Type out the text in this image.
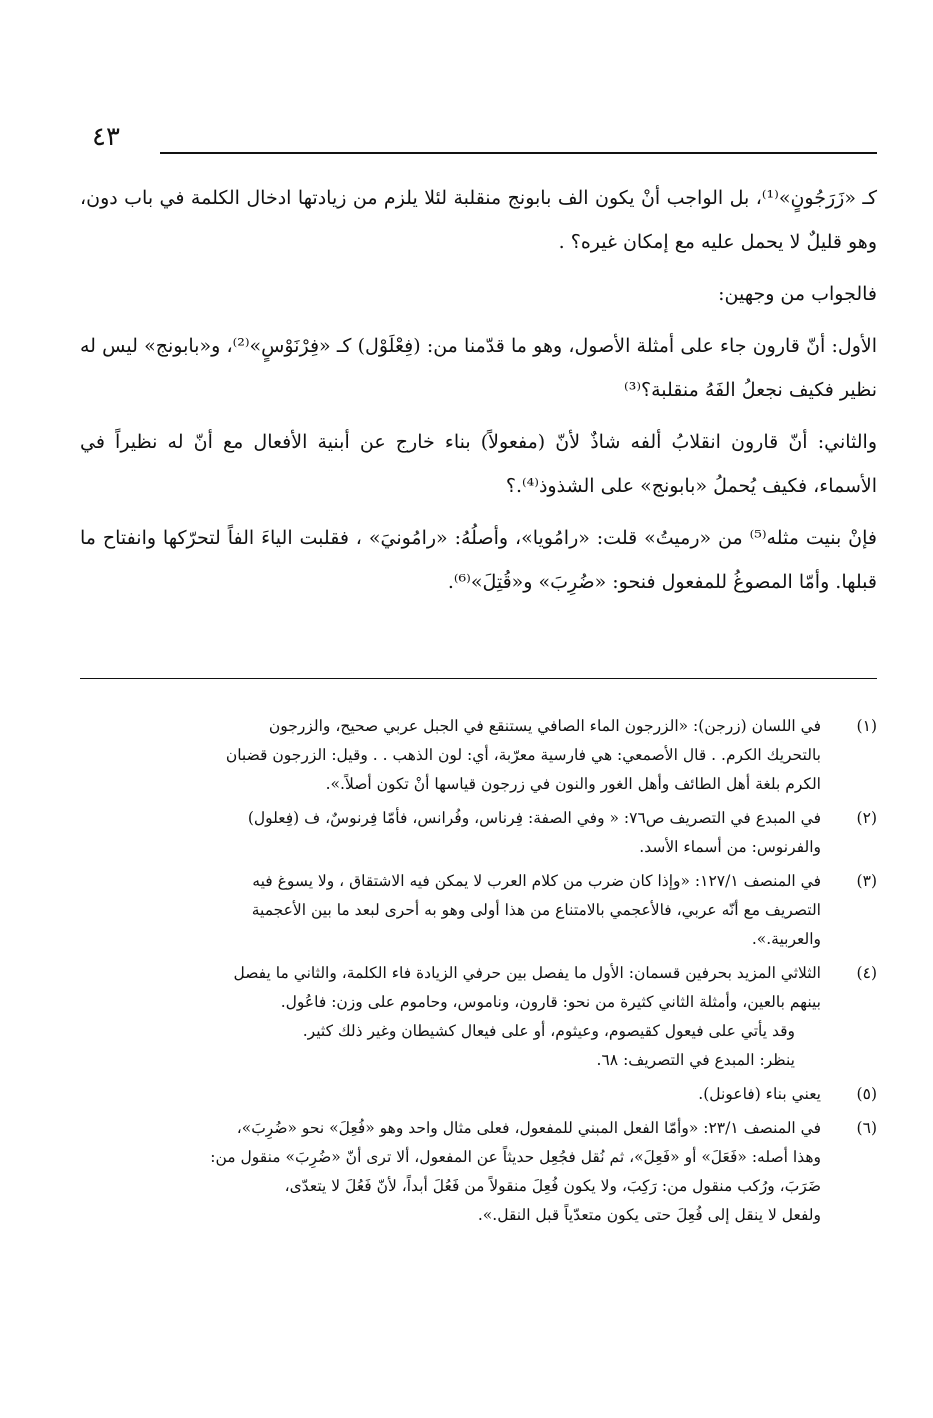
٤٣

كـ «زَرَجُونٍ»⁽¹⁾، بل الواجب أنْ يكون الف بابونج منقلبة لئلا يلزم من زيادتها ادخال الكلمة في باب دون، وهو قليلٌ لا يحمل عليه مع إمكان غيره؟ .

فالجواب من وجهين:

الأول: أنّ قارون جاء على أمثلة الأصول، وهو ما قدّمنا من: (فِعْلَوْل) كـ «فِرْنَوْسٍ»⁽²⁾، و«بابونج» ليس له نظير فكيف نجعلُ الفَهُ منقلبة؟⁽³⁾

والثاني: أنّ قارون انقلابُ ألفه شاذٌ لأنّ (مفعولاً) بناء خارج عن أبنية الأفعال مع أنّ له نظيراً في الأسماء، فكيف يُحملُ «بابونج» على الشذوذ⁽⁴⁾.؟

فإنْ بنيت مثله⁽⁵⁾ من «رميتُ» قلت: «رامُويا»، وأصلُهُ: «رامُونيَ» ، فقلبت الياءَ الفاً لتحرّكها وانفتاح ما قبلها. وأمّا المصوغُ للمفعول فنحو: «ضُرِبَ» و«قُتِلَ»⁽⁶⁾.

(١)
في اللسان (زرجن): «الزرجون الماء الصافي يستنقع في الجبل عربي صحيح، والزرجون
بالتحريك الكرم. . قال الأصمعي: هي فارسية معرّبة، أي: لون الذهب . . وقيل: الزرجون قضبان
الكرم بلغة أهل الطائف وأهل الغور والنون في زرجون قياسها أنْ تكون أصلاً.».
(٢)
في المبدع في التصريف ص٧٦: « وفي الصفة: فِرناس، وفُرانس، فأمّا فِرنوسٌ، ف (فِعلول)
والفرنوس: من أسماء الأسد.
(٣)
في المنصف ١٢٧/١: «وإذا كان ضرب من كلام العرب لا يمكن فيه الاشتقاق ، ولا يسوغ فيه
التصريف مع أنّه عربي، فالأعجمي بالامتناع من هذا أولى وهو به أحرى لبعد ما بين الأعجمية
والعربية.».
(٤)
الثلاثي المزيد بحرفين قسمان: الأول ما يفصل بين حرفي الزيادة فاء الكلمة، والثاني ما يفصل
بينهم بالعين، وأمثلة الثاني كثيرة من نحو: قارون، وناموس، وحاموم على وزن: فاعُول.
وقد يأتي على فيعول كقيصوم، وعيثوم، أو على فيعال كشيطان وغير ذلك كثير.
ينظر: المبدع في التصريف: ٦٨.
(٥)
يعني بناء (فاعونل).
(٦)
في المنصف ٢٣/١: «وأمّا الفعل المبني للمفعول، فعلى مثال واحد وهو «فُعِلَ» نحو «ضُرِبَ»،
وهذا أصله: «فَعَلَ» أو «فَعِلَ»، ثم نُقل فجُعِل حديثاً عن المفعول، ألا ترى أنّ «ضُرِبَ» منقول من:
ضَرَبَ، ورُكب منقول من: رَكِبَ، ولا يكون فُعِلَ منقولاً من فَعُلَ أبداً، لأنّ فَعُلَ لا يتعدّى،
ولفعل لا ينقل إلى فُعِلَ حتى يكون متعدّياً قبل النقل.».
